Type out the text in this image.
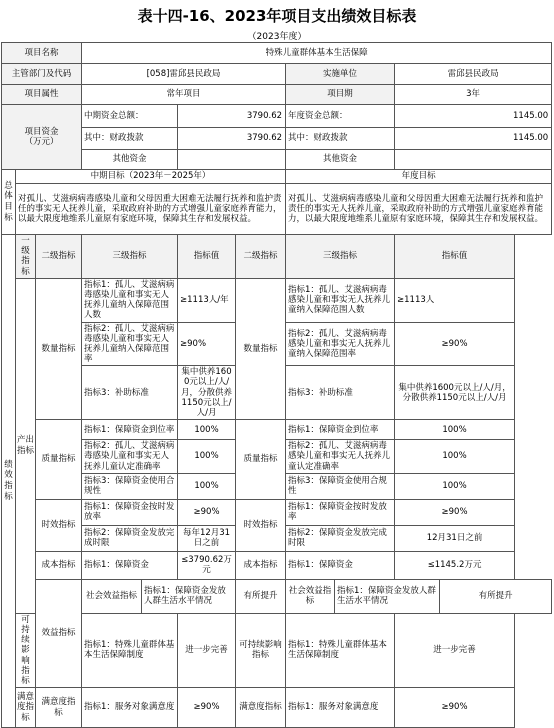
表十四-16、2023年项目支出绩效目标表
（2023年度）
项目名称			特殊儿童群体基本生活保障							
主管部门及代码			[058]雷邱县民政局				实施单位		雷邱县民政局	
项目属性			常年项目				项目期		3年	
项目资金
（万元）			中期资金总额：		3790.62		年度资金总额：		1145.00	
			其中：财政拨款		3790.62		其中：财政拨款		1145.00	
			其他资金				其他资金			
总体目标	中期目标（2023年－2025年）						年度目标			
	对孤儿、艾滋病病毒感染儿童和父母因重大困难无法履行抚养和监护责任的事实无人抚养儿童，采取政府补助的方式增强儿童家庭养育能力，以最大限度地维系儿童原有家庭环境，保障其生存和发展权益。						对孤儿、艾滋病病毒感染儿童和父母因重大困难无法履行抚养和监护责任的事实无人抚养儿童，采取政府补助的方式增强儿童家庭养育能力，以最大限度地维系儿童原有家庭环境，保障其生存和发展权益。			
绩效指标	一级指标	二级指标	三级指标		指标值	二级指标	三级指标		指标值	
	产出指标	数量指标	指标1：孤儿、艾滋病病毒感染儿童和事实无人抚养儿童纳入保障范围人数		≥1113人/年	数量指标	指标1：孤儿、艾滋病病毒感染儿童和事实无人抚养儿童纳入保障范围人数		≥1113人	
			指标2：孤儿、艾滋病病毒感染儿童和事实无人抚养儿童纳入保障范围率		≥90%		指标2：孤儿、艾滋病病毒感染儿童和事实无人抚养儿童纳入保障范围率		≥90%	
			指标3：补助标准		集中供养1600元以上/人/月，分散供养1150元以上/人/月		指标3：补助标准		集中供养1600元以上/人/月，分散供养1150元以上/人/月	
		质量指标	指标1：保障资金到位率		100%	质量指标	指标1：保障资金到位率		100%	
			指标2：孤儿、艾滋病病毒感染儿童和事实无人抚养儿童认定准确率		100%		指标2：孤儿、艾滋病病毒感染儿童和事实无人抚养儿童认定准确率		100%	
			指标3：保障资金使用合规性		100%		指标3：保障资金使用合规性		100%	
		时效指标	指标1：保障资金按时发放率		≥90%	时效指标	指标1：保障资金按时发放率		≥90%	
			指标2：保障资金发放完成时限		每年12月31日之前		指标2：保障资金发放完成时限		12月31日之前	
		成本指标	指标1：保障资金		≤3790.62万元	成本指标	指标1：保障资金		≤1145.2万元	
		效益指标	社会效益指标	指标1：保障资金发放人群生活水平情况		有所提升	社会效益指标	指标1：保障资金发放人群生活水平情况		有所提升
	可持续影响指标		指标1：特殊儿童群体基本生活保障制度		进一步完善	可持续影响指标	指标1：特殊儿童群体基本生活保障制度		进一步完善	
	满意度指标	满意度指标	指标1：服务对象满意度		≥90%	满意度指标	指标1：服务对象满意度		≥90%	
